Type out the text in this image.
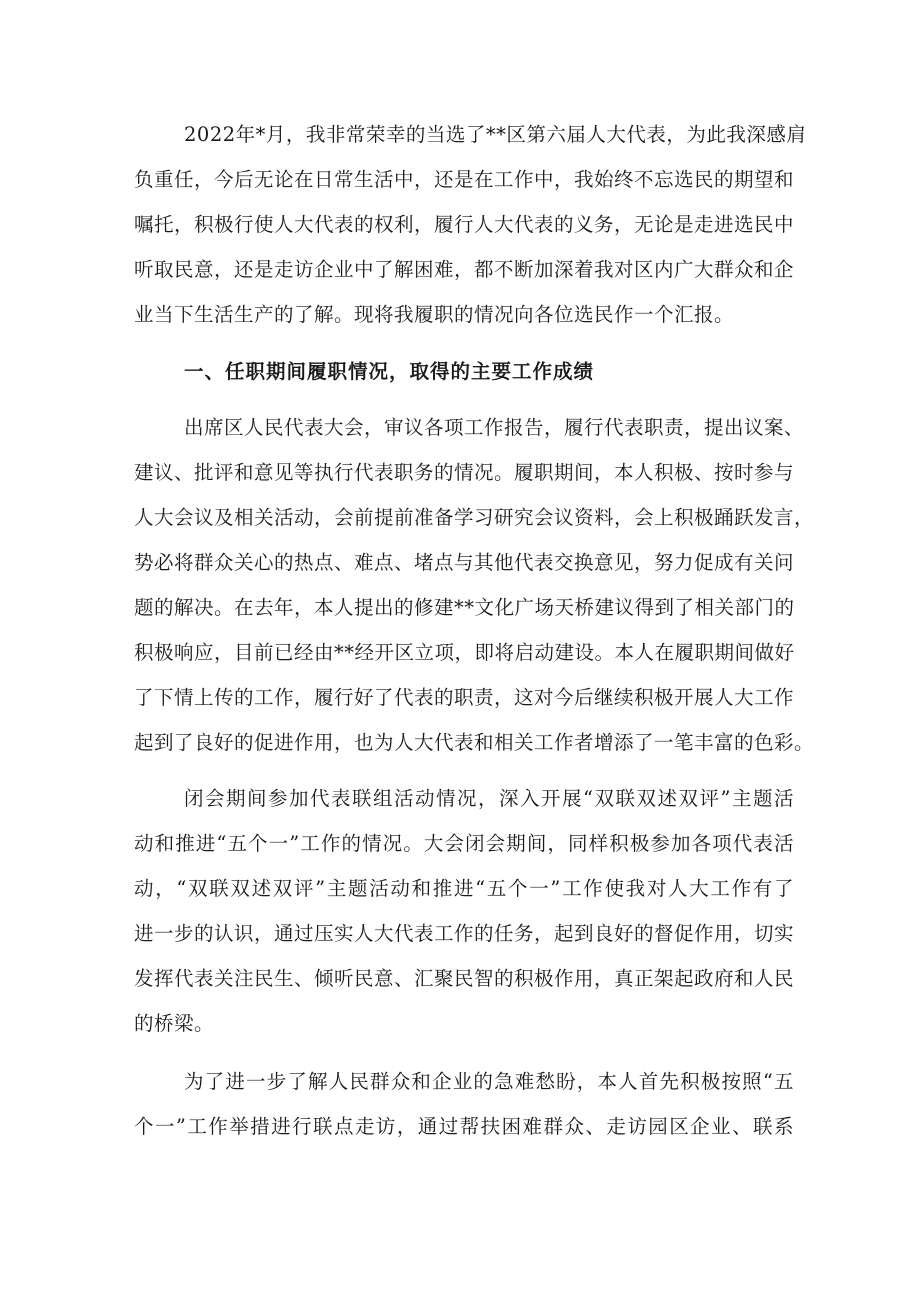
2022年*月，我非常荣幸的当选了**区第六届人大代表，为此我深感肩
负重任，今后无论在日常生活中，还是在工作中，我始终不忘选民的期望和
嘱托，积极行使人大代表的权利，履行人大代表的义务，无论是走进选民中
听取民意，还是走访企业中了解困难，都不断加深着我对区内广大群众和企
业当下生活生产的了解。现将我履职的情况向各位选民作一个汇报。
一、任职期间履职情况，取得的主要工作成绩
出席区人民代表大会，审议各项工作报告，履行代表职责，提出议案、
建议、批评和意见等执行代表职务的情况。履职期间，本人积极、按时参与
人大会议及相关活动，会前提前准备学习研究会议资料，会上积极踊跃发言，
势必将群众关心的热点、难点、堵点与其他代表交换意见，努力促成有关问
题的解决。在去年，本人提出的修建**文化广场天桥建议得到了相关部门的
积极响应，目前已经由**经开区立项，即将启动建设。本人在履职期间做好
了下情上传的工作，履行好了代表的职责，这对今后继续积极开展人大工作
起到了良好的促进作用，也为人大代表和相关工作者增添了一笔丰富的色彩。
闭会期间参加代表联组活动情况，深入开展“双联双述双评”主题活
动和推进“五个一”工作的情况。大会闭会期间，同样积极参加各项代表活
动，“双联双述双评”主题活动和推进“五个一”工作使我对人大工作有了
进一步的认识，通过压实人大代表工作的任务，起到良好的督促作用，切实
发挥代表关注民生、倾听民意、汇聚民智的积极作用，真正架起政府和人民
的桥梁。
为了进一步了解人民群众和企业的急难愁盼，本人首先积极按照“五
个一”工作举措进行联点走访，通过帮扶困难群众、走访园区企业、联系
